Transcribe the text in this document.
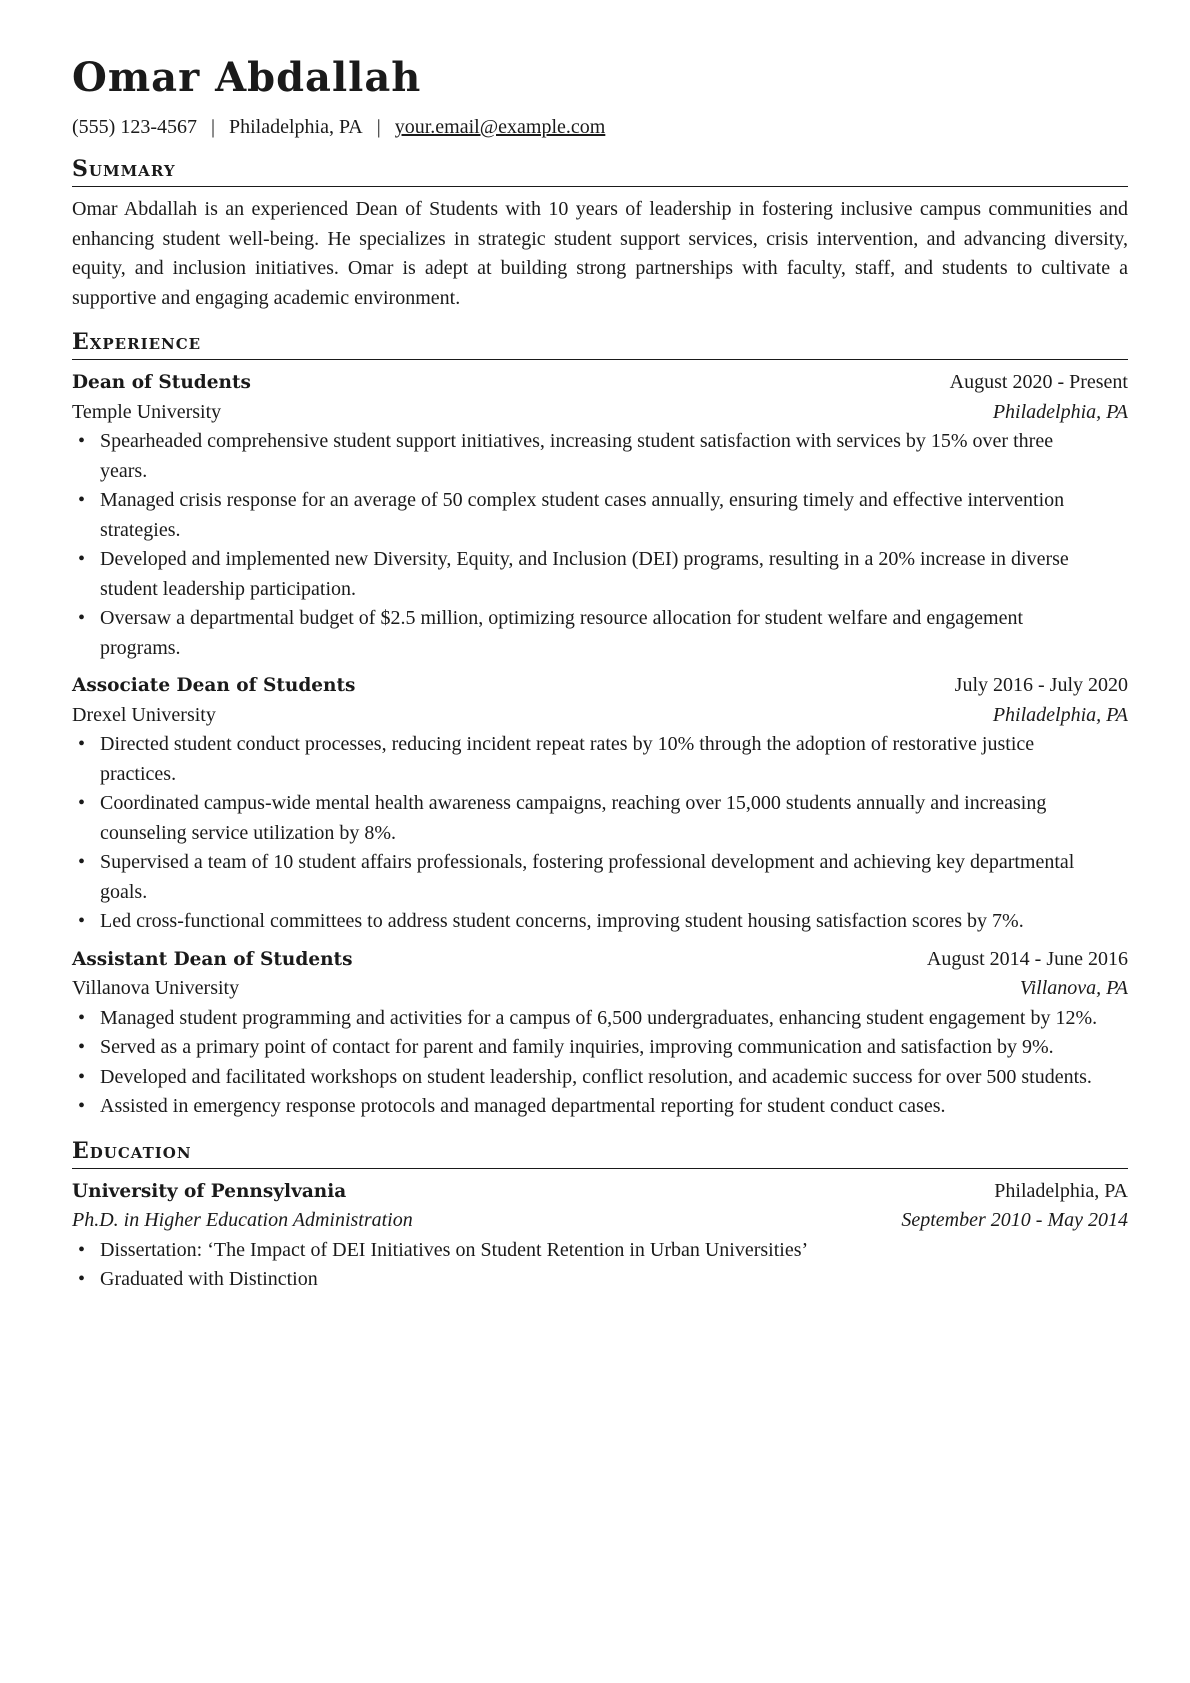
Omar Abdallah
(555) 123-4567 | Philadelphia, PA | your.email@example.com
Summary

Omar Abdallah is an experienced Dean of Students with 10 years of leadership in fostering inclusive campus communities and enhancing student well-being. He specializes in strategic student support services, crisis intervention, and advancing diversity, equity, and inclusion initiatives. Omar is adept at building strong partnerships with faculty, staff, and students to cultivate a supportive and engaging academic environment.

Experience
Dean of Students	August 2020 - Present
Temple University	Philadelphia, PA
• Spearheaded comprehensive student support initiatives, increasing student satisfaction with services by 15% over three years.
• Managed crisis response for an average of 50 complex student cases annually, ensuring timely and effective intervention strategies.
• Developed and implemented new Diversity, Equity, and Inclusion (DEI) programs, resulting in a 20% increase in diverse student leadership participation.
• Oversaw a departmental budget of $2.5 million, optimizing resource allocation for student welfare and engagement programs.
Associate Dean of Students	July 2016 - July 2020
Drexel University	Philadelphia, PA
• Directed student conduct processes, reducing incident repeat rates by 10% through the adoption of restorative justice practices.
• Coordinated campus-wide mental health awareness campaigns, reaching over 15,000 students annually and increasing counseling service utilization by 8%.
• Supervised a team of 10 student affairs professionals, fostering professional development and achieving key departmental goals.
• Led cross-functional committees to address student concerns, improving student housing satisfaction scores by 7%.
Assistant Dean of Students	August 2014 - June 2016
Villanova University	Villanova, PA
• Managed student programming and activities for a campus of 6,500 undergraduates, enhancing student engagement by 12%.
• Served as a primary point of contact for parent and family inquiries, improving communication and satisfaction by 9%.
• Developed and facilitated workshops on student leadership, conflict resolution, and academic success for over 500 students.
• Assisted in emergency response protocols and managed departmental reporting for student conduct cases.
Education
University of Pennsylvania	Philadelphia, PA
Ph.D. in Higher Education Administration	September 2010 - May 2014
• Dissertation: ‘The Impact of DEI Initiatives on Student Retention in Urban Universities’
• Graduated with Distinction
